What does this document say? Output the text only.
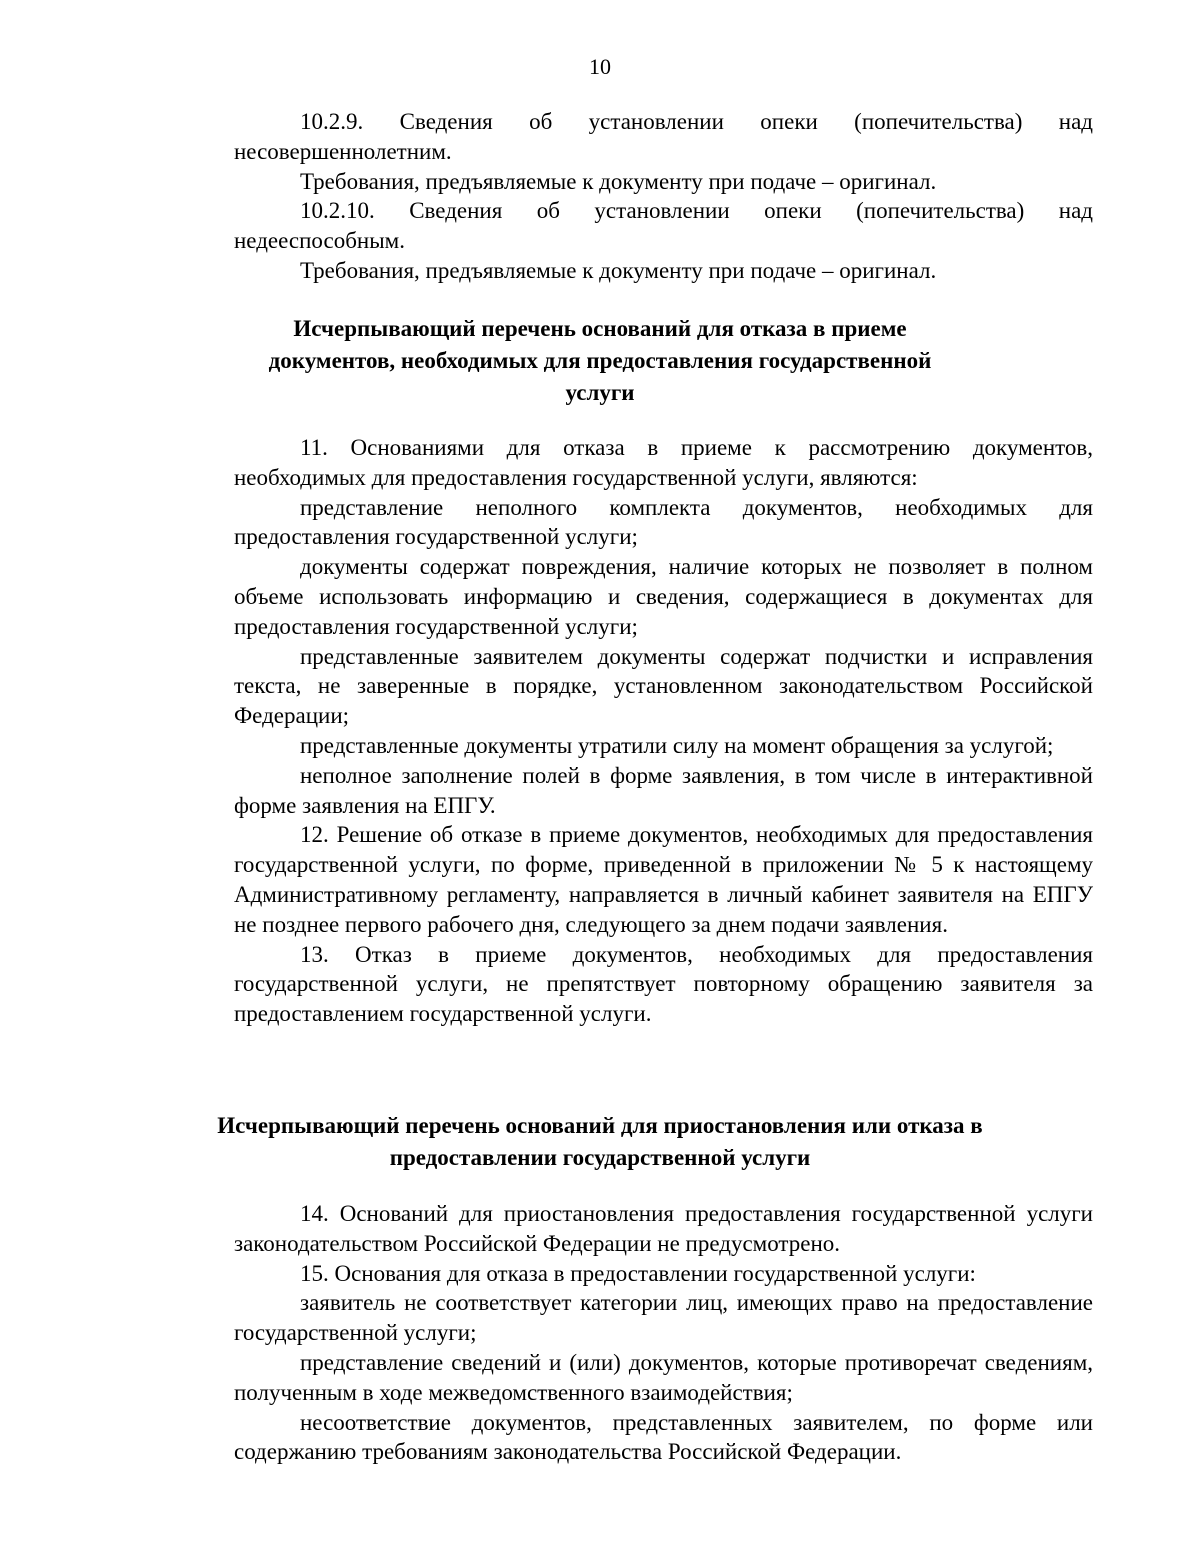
10

10.2.9. Сведения об установлении опеки (попечительства) над несовершеннолетним.

Требования, предъявляемые к документу при подаче – оригинал.

10.2.10. Сведения об установлении опеки (попечительства) над недееспособным.

Требования, предъявляемые к документу при подаче – оригинал.

Исчерпывающий перечень оснований для отказа в приеме
документов, необходимых для предоставления государственной
услуги

11. Основаниями для отказа в приеме к рассмотрению документов, необходимых для предоставления государственной услуги, являются:

представление неполного комплекта документов, необходимых для предоставления государственной услуги;

документы содержат повреждения, наличие которых не позволяет в полном объеме использовать информацию и сведения, содержащиеся в документах для предоставления государственной услуги;

представленные заявителем документы содержат подчистки и исправления текста, не заверенные в порядке, установленном законодательством Российской Федерации;

представленные документы утратили силу на момент обращения за услугой;

неполное заполнение полей в форме заявления, в том числе в интерактивной форме заявления на ЕПГУ.

12. Решение об отказе в приеме документов, необходимых для предоставления государственной услуги, по форме, приведенной в приложении № 5 к настоящему Административному регламенту, направляется в личный кабинет заявителя на ЕПГУ не позднее первого рабочего дня, следующего за днем подачи заявления.

13. Отказ в приеме документов, необходимых для предоставления государственной услуги, не препятствует повторному обращению заявителя за предоставлением государственной услуги.

Исчерпывающий перечень оснований для приостановления или отказа в
предоставлении государственной услуги

14. Оснований для приостановления предоставления государственной услуги законодательством Российской Федерации не предусмотрено.

15. Основания для отказа в предоставлении государственной услуги:

заявитель не соответствует категории лиц, имеющих право на предоставление государственной услуги;

представление сведений и (или) документов, которые противоречат сведениям, полученным в ходе межведомственного взаимодействия;

несоответствие документов, представленных заявителем, по форме или содержанию требованиям законодательства Российской Федерации.
